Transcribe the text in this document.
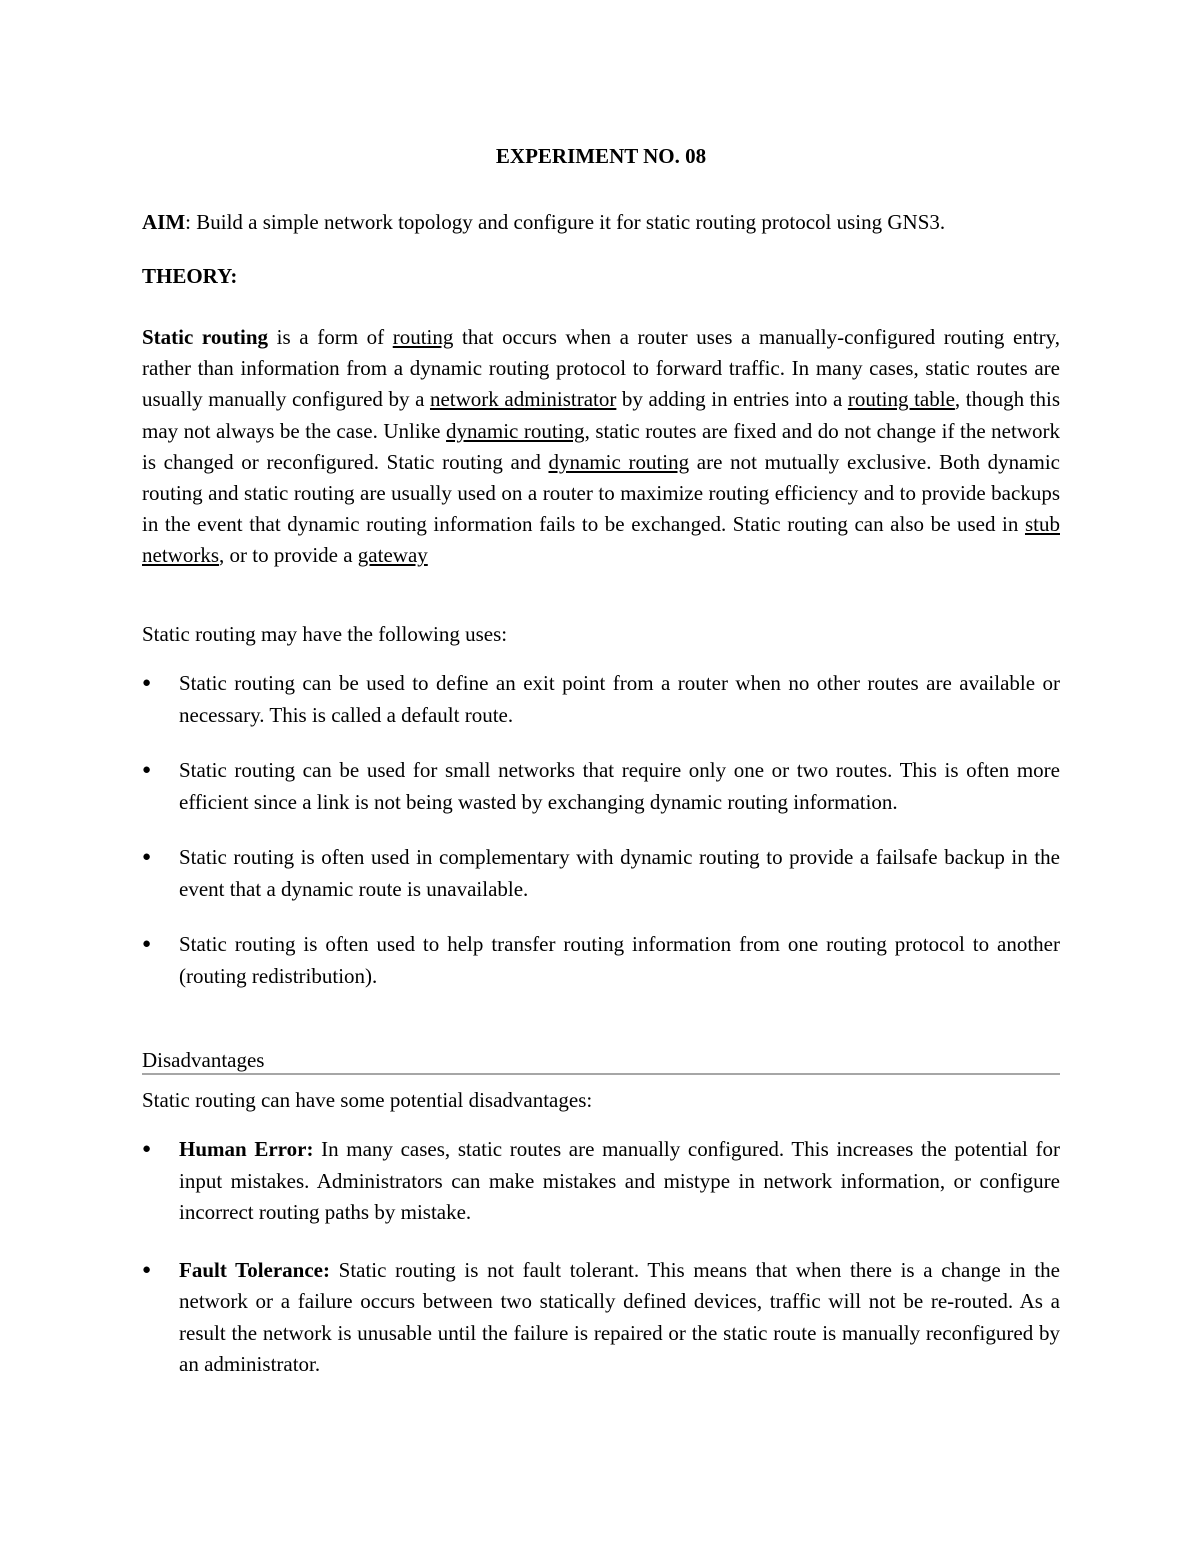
EXPERIMENT NO. 08
AIM: Build a simple network topology and configure it for static routing protocol using GNS3.
THEORY:
Static routing is a form of routing that occurs when a router uses a manually-configured routing entry, rather than information from a dynamic routing protocol to forward traffic. In many cases, static routes are usually manually configured by a network administrator by adding in entries into a routing table, though this may not always be the case. Unlike dynamic routing, static routes are fixed and do not change if the network is changed or reconfigured. Static routing and dynamic routing are not mutually exclusive. Both dynamic routing and static routing are usually used on a router to maximize routing efficiency and to provide backups in the event that dynamic routing information fails to be exchanged. Static routing can also be used in stub networks, or to provide a gateway
Static routing may have the following uses:
● Static routing can be used to define an exit point from a router when no other routes are available or necessary. This is called a default route.
● Static routing can be used for small networks that require only one or two routes. This is often more efficient since a link is not being wasted by exchanging dynamic routing information.
● Static routing is often used in complementary with dynamic routing to provide a failsafe backup in the event that a dynamic route is unavailable.
● Static routing is often used to help transfer routing information from one routing protocol to another (routing redistribution).
Disadvantages
Static routing can have some potential disadvantages:
● Human Error: In many cases, static routes are manually configured. This increases the potential for input mistakes. Administrators can make mistakes and mistype in network information, or configure incorrect routing paths by mistake.
● Fault Tolerance: Static routing is not fault tolerant. This means that when there is a change in the network or a failure occurs between two statically defined devices, traffic will not be re-routed. As a result the network is unusable until the failure is repaired or the static route is manually reconfigured by an administrator.
